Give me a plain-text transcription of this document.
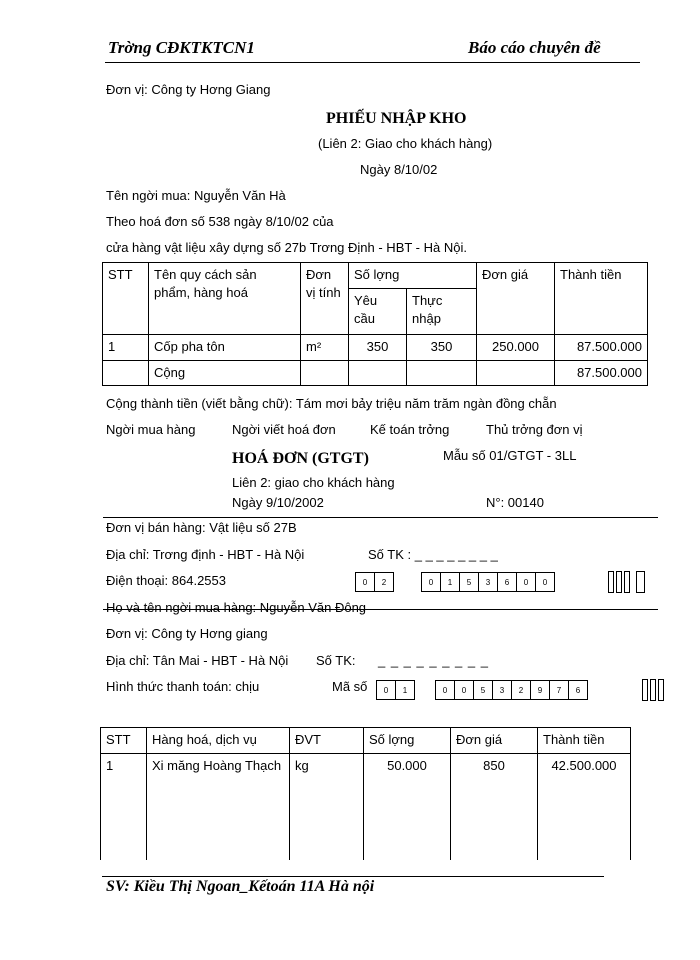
Trờng CĐKTKTCN1	Báo cáo chuyên đề
Đơn vị: Công ty Hơng Giang
PHIẾU NHẬP KHO
(Liên 2: Giao cho khách hàng)
Ngày 8/10/02
Tên ngời mua: Nguyễn Văn Hà
Theo hoá đơn số 538 ngày 8/10/02 của
cửa hàng vật liệu xây dựng số 27b Trơng Định - HBT - Hà Nội.
STT	Tên quy cách sản phẩm, hàng hoá	Đơn vị tính	Số lợng		Đơn giá	Thành tiền
			Yêu cầu	Thực nhập		
1	Cốp pha tôn	m²	350	350	250.000	87.500.000
	Cộng					87.500.000
Cộng thành tiền (viết bằng chữ): Tám mơi bảy triệu năm trăm ngàn đồng chẵn
Ngời mua hàng	Ngời viết hoá đơn	Kế toán trởng	Thủ trởng đơn vị
HOÁ ĐƠN (GTGT)	Mẫu số 01/GTGT - 3LL
Liên 2: giao cho khách hàng
Ngày 9/10/2002	N°: 00140
Đơn vị bán hàng: Vật liệu số 27B
Địa chỉ: Trơng định - HBT - Hà Nội	Số TK : _ _ _ _ _ _ _ _
Điện thoại: 864.2553	0	2	0	1	5	3	6	0	0
Họ và tên ngời mua hàng: Nguyễn Văn Đông
Đơn vị: Công ty Hơng giang
Địa chỉ: Tân Mai - HBT - Hà Nội Số TK: _ _ _ _ _ _ _ _ _
Hình thức thanh toán: chịu	Mã số	0	1	0	0	5	3	2	9	7	6
STT	Hàng hoá, dịch vụ	ĐVT	Số lợng	Đơn giá	Thành tiền
1	Xi măng Hoàng Thạch	kg	50.000	850	42.500.000
SV: Kiều Thị Ngoan_Kếtoán 11A Hà nội
